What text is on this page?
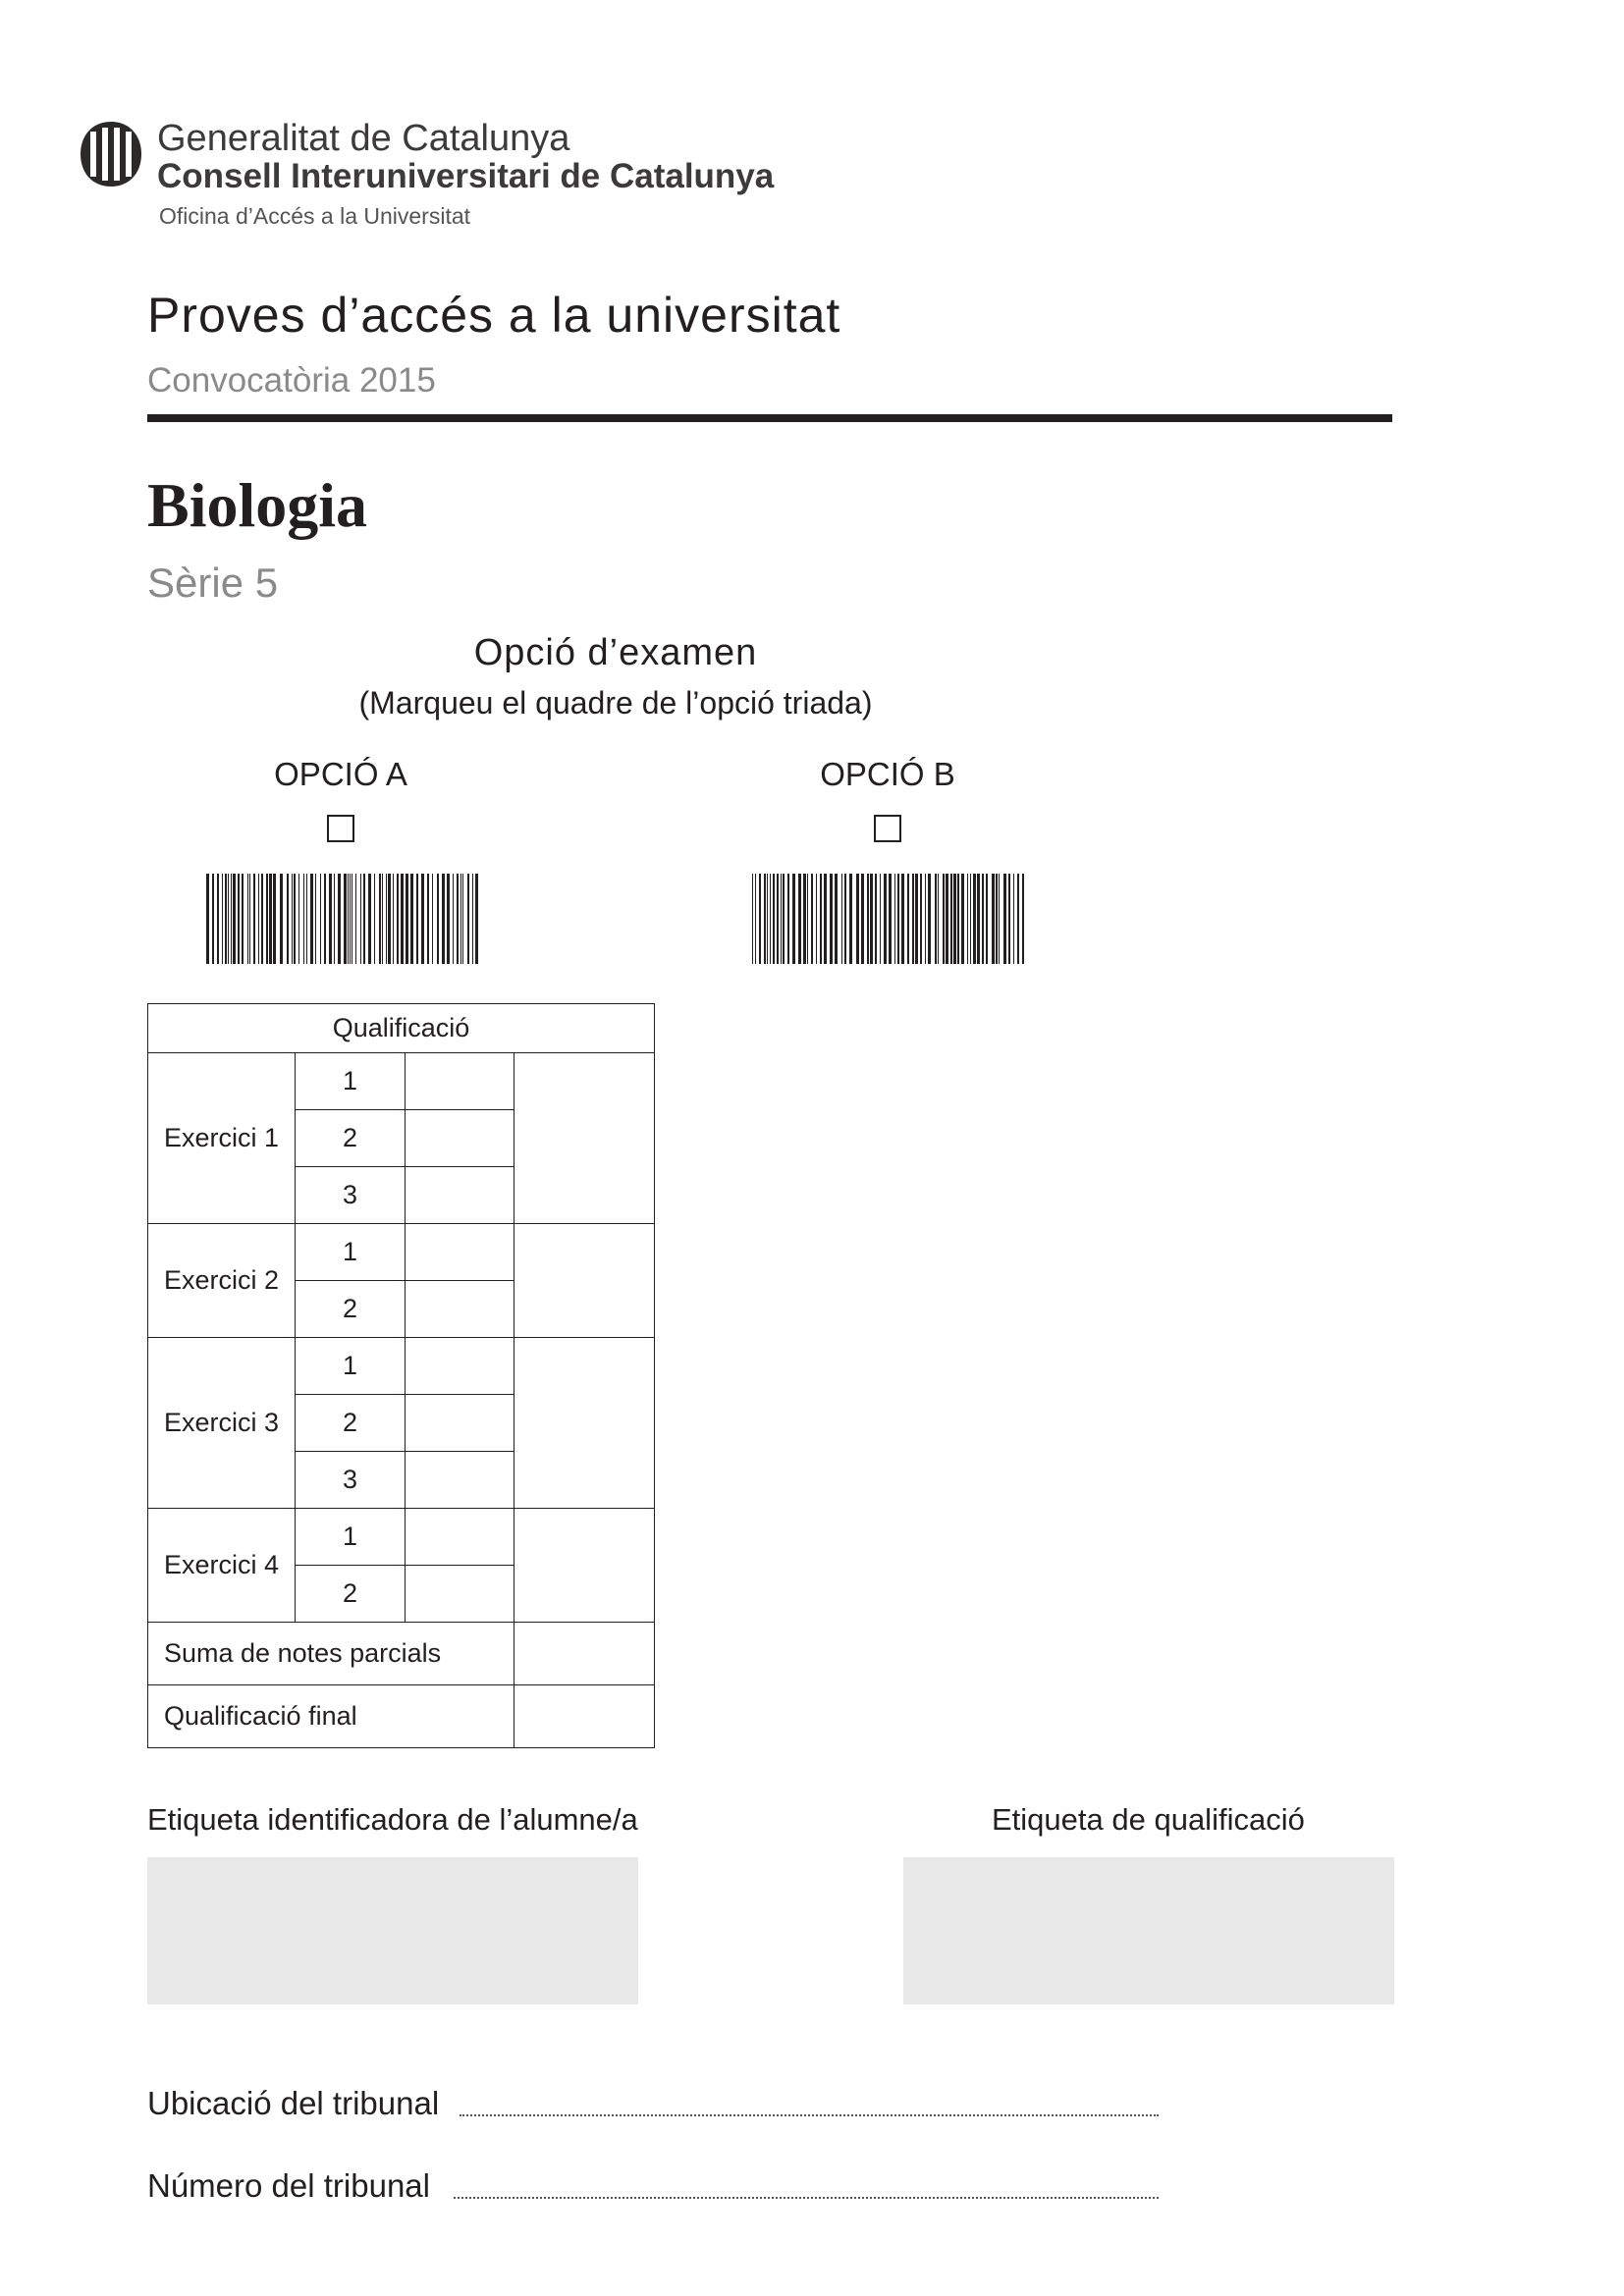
Generalitat de Catalunya
Consell Interuniversitari de Catalunya
Oficina d’Accés a la Universitat
Proves d’accés a la universitat
Convocatòria 2015
Biologia
Sèrie 5
Opció d’examen
(Marqueu el quadre de l’opció triada)
OPCIÓ A	OPCIÓ B
Qualificació			
Exercici 1	1		
	2		
	3		
Exercici 2	1		
	2		
Exercici 3	1		
	2		
	3		
Exercici 4	1		
	2		
Suma de notes parcials			
Qualificació final			
Etiqueta identificadora de l’alumne/a	Etiqueta de qualificació
Ubicació del tribunal
Número del tribunal
